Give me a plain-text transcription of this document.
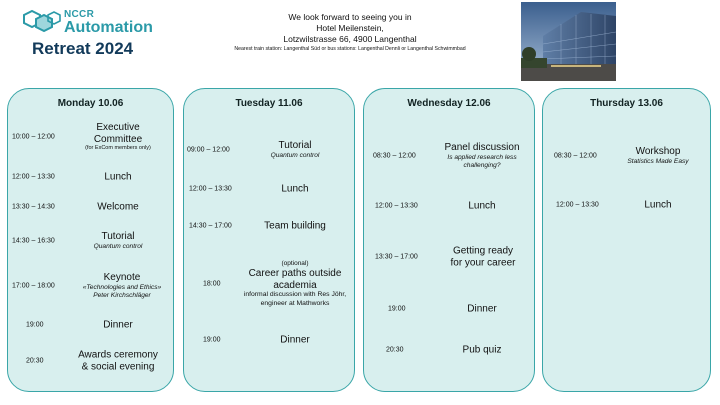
NCCR
Automation
Retreat 2024
We look forward to seeing you in
Hotel Meilenstein,
Lotzwilstrasse 66, 4900 Langenthal
Nearest train station: Langenthal Süd or bus stations: Langenthal Dennli or Langenthal Schwimmbad
Monday 10.06
10:00 – 12:00
Executive Committee
(for ExCom members only)
12:00 – 13:30	Lunch
13:30 – 14:30	Welcome
14:30 – 16:30	Tutorial
Quantum control
17:00 – 18:00
Keynote
«Technologies and Ethics» Peter Kirchschläger
19:00	Dinner
20:30
Awards ceremony & social evening
Tuesday 11.06
09:00 – 12:00	Tutorial
Quantum control
12:00 – 13:30	Lunch
14:30 – 17:00	Team building
18:00
(optional)
Career paths outside academia
informal discussion with Res Jöhr, engineer at Mathworks
19:00	Dinner
Wednesday 12.06
08:30 – 12:00
Panel discussion
Is applied research less challenging?
12:00 – 13:30	Lunch
13:30 – 17:00
Getting ready for your career
19:00	Dinner
20:30	Pub quiz
Thursday 13.06
08:30 – 12:00	Workshop
Statistics Made Easy
12:00 – 13:30	Lunch
